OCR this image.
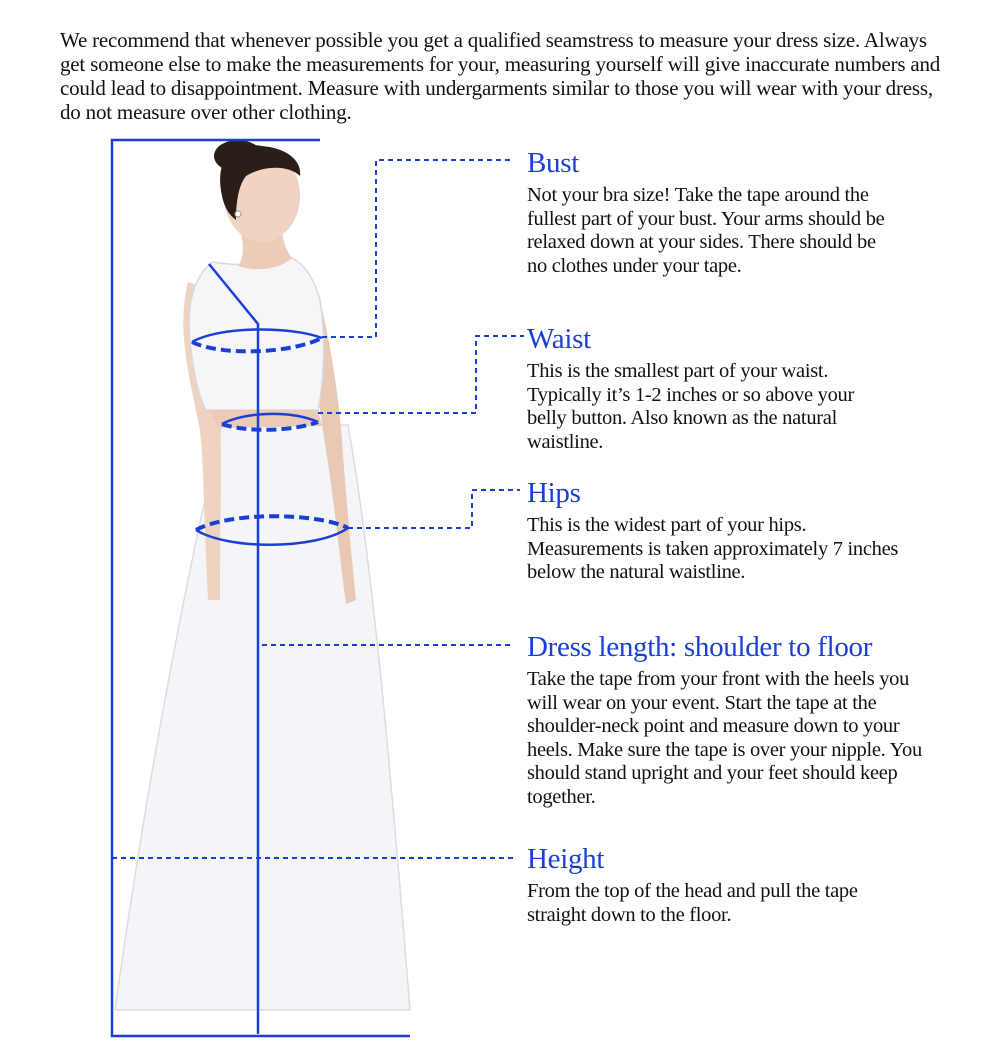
We recommend that whenever possible you get a qualified seamstress to measure your dress size. Always get someone else to make the measurements for your, measuring yourself will give inaccurate numbers and could lead to disappointment. Measure with undergarments similar to those you will wear with your dress, do not measure over other clothing.
Bust
Not your bra size! Take the tape around the fullest part of your bust. Your arms should be relaxed down at your sides. There should be no clothes under your tape.
Waist
This is the smallest part of your waist. Typically it’s 1-2 inches or so above your belly button. Also known as the natural waistline.
Hips
This is the widest part of your hips. Measurements is taken approximately 7 inches below the natural waistline.
Dress length: shoulder to floor
Take the tape from your front with the heels you will wear on your event. Start the tape at the shoulder-neck point and measure down to your heels. Make sure the tape is over your nipple. You should stand upright and your feet should keep together.
Height
From the top of the head and pull the tape straight down to the floor.
